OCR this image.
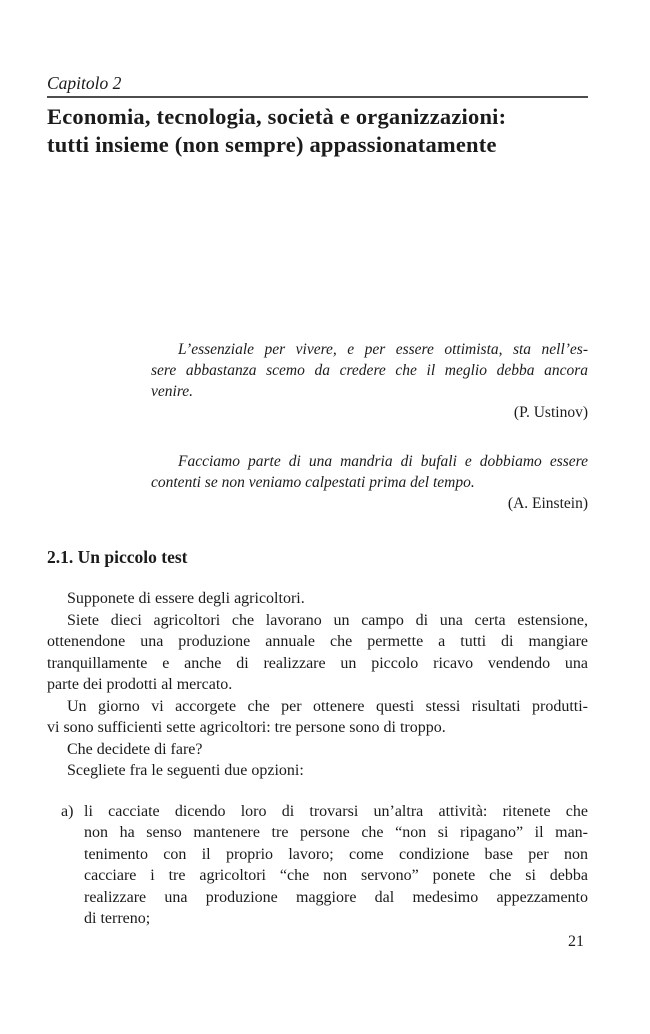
Capitolo 2
Economia, tecnologia, società e organizzazioni:
tutti insieme (non sempre) appassionatamente
L’essenziale per vivere, e per essere ottimista, sta nell’es-
sere abbastanza scemo da credere che il meglio debba ancora
venire.
(P. Ustinov)
Facciamo parte di una mandria di bufali e dobbiamo essere
contenti se non veniamo calpestati prima del tempo.
(A. Einstein)
2.1. Un piccolo test
Supponete di essere degli agricoltori.
Siete dieci agricoltori che lavorano un campo di una certa estensione,
ottenendone una produzione annuale che permette a tutti di mangiare
tranquillamente e anche di realizzare un piccolo ricavo vendendo una
parte dei prodotti al mercato.
Un giorno vi accorgete che per ottenere questi stessi risultati produtti-
vi sono sufficienti sette agricoltori: tre persone sono di troppo.
Che decidete di fare?
Scegliete fra le seguenti due opzioni:
a) li cacciate dicendo loro di trovarsi un’altra attività: ritenete che
non ha senso mantenere tre persone che “non si ripagano” il man-
tenimento con il proprio lavoro; come condizione base per non
cacciare i tre agricoltori “che non servono” ponete che si debba
realizzare una produzione maggiore dal medesimo appezzamento
di terreno;
21
